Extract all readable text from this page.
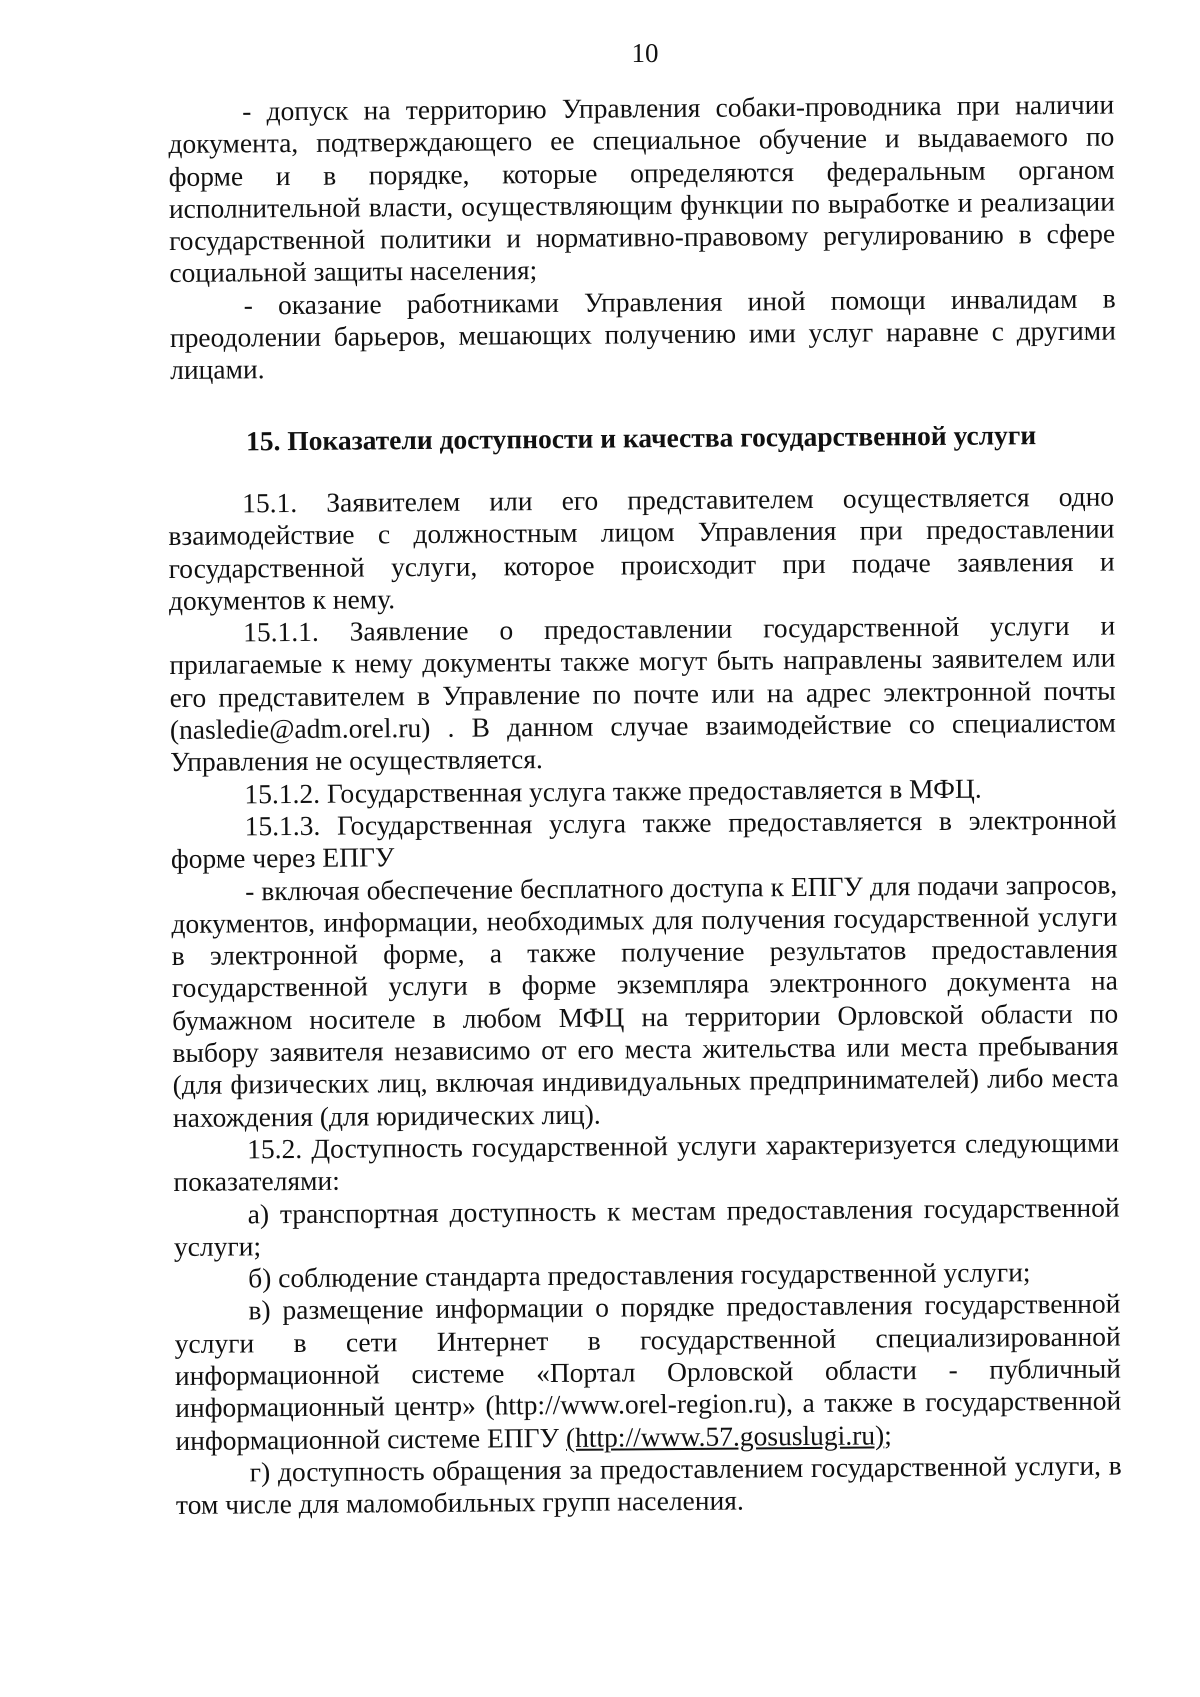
10

- допуск на территорию Управления собаки-проводника при наличии документа, подтверждающего ее специальное обучение и выдаваемого по форме и в порядке, которые определяются федеральным органом исполнительной власти, осуществляющим функции по выработке и реализации государственной политики и нормативно-правовому регулированию в сфере социальной защиты населения;

- оказание работниками Управления иной помощи инвалидам в преодолении барьеров, мешающих получению ими услуг наравне с другими лицами.

15. Показатели доступности и качества государственной услуги

15.1. Заявителем или его представителем осуществляется одно взаимодействие с должностным лицом Управления при предоставлении государственной услуги, которое происходит при подаче заявления и документов к нему.

15.1.1. Заявление о предоставлении государственной услуги и прилагаемые к нему документы также могут быть направлены заявителем или его представителем в Управление по почте или на адрес электронной почты (nasledie@adm.orel.ru) . В данном случае взаимодействие со специалистом Управления не осуществляется.

15.1.2. Государственная услуга также предоставляется в МФЦ.

15.1.3. Государственная услуга также предоставляется в электронной форме через ЕПГУ

- включая обеспечение бесплатного доступа к ЕПГУ для подачи запросов, документов, информации, необходимых для получения государственной услуги в электронной форме, а также получение результатов предоставления государственной услуги в форме экземпляра электронного документа на бумажном носителе в любом МФЦ на территории Орловской области по выбору заявителя независимо от его места жительства или места пребывания (для физических лиц, включая индивидуальных предпринимателей) либо места нахождения (для юридических лиц).

15.2. Доступность государственной услуги характеризуется следующими показателями:

а) транспортная доступность к местам предоставления государственной услуги;

б) соблюдение стандарта предоставления государственной услуги;

в) размещение информации о порядке предоставления государственной услуги в сети Интернет в государственной специализированной информационной системе «Портал Орловской области - публичный информационный центр» (http://www.orel-region.ru), а также в государственной информационной системе ЕПГУ (http://www.57.gosuslugi.ru);

г) доступность обращения за предоставлением государственной услуги, в том числе для маломобильных групп населения.
